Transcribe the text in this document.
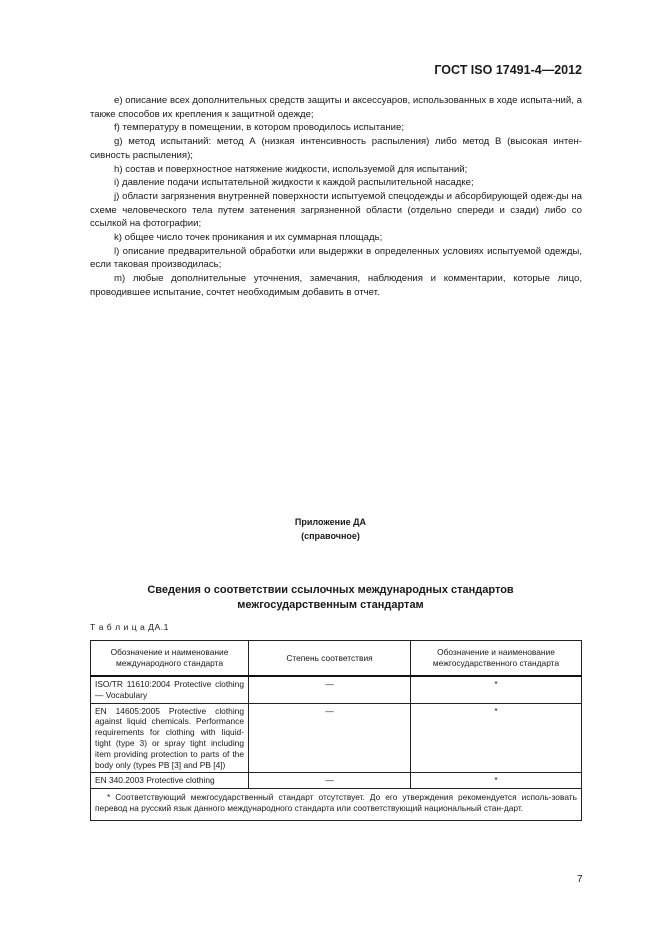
ГОСТ ISO 17491-4—2012

e) описание всех дополнительных средств защиты и аксессуаров, использованных в ходе испыта-ний, а также способов их крепления к защитной одежде;

f) температуру в помещении, в котором проводилось испытание;

g) метод испытаний: метод А (низкая интенсивность распыления) либо метод В (высокая интен-сивность распыления);

h) состав и поверхностное натяжение жидкости, используемой для испытаний;

i) давление подачи испытательной жидкости к каждой распылительной насадке;

j) области загрязнения внутренней поверхности испытуемой спецодежды и абсорбирующей одеж-ды на схеме человеческого тела путем затенения загрязненной области (отдельно спереди и сзади) либо со ссылкой на фотографии;

k) общее число точек проникания и их суммарная площадь;

l) описание предварительной обработки или выдержки в определенных условиях испытуемой одежды, если таковая производилась;

m) любые дополнительные уточнения, замечания, наблюдения и комментарии, которые лицо, проводившее испытание, сочтет необходимым добавить в отчет.

Приложение ДА
(справочное)
Сведения о соответствии ссылочных международных стандартов
межгосударственным стандартам
Т а б л и ц а ДА.1
Обозначение и наименование международного стандарта	Степень соответствия	Обозначение и наименование межгосударственного стандарта
ISO/TR 11610:2004 Protective clothing — Vocabulary	—	*
EN 14605:2005 Protective clothing against liquid chemicals. Performance requirements for clothing with liquid-tight (type 3) or spray tight including item providing protection to parts of the body only (types PB [3] and PB [4])	—	*
EN 340.2003 Protective clothing	—	*
* Соответствующий межгосударственный стандарт отсутствует. До его утверждения рекомендуется исполь-зовать перевод на русский язык данного международного стандарта или соответствующий национальный стан-дарт.		
7
